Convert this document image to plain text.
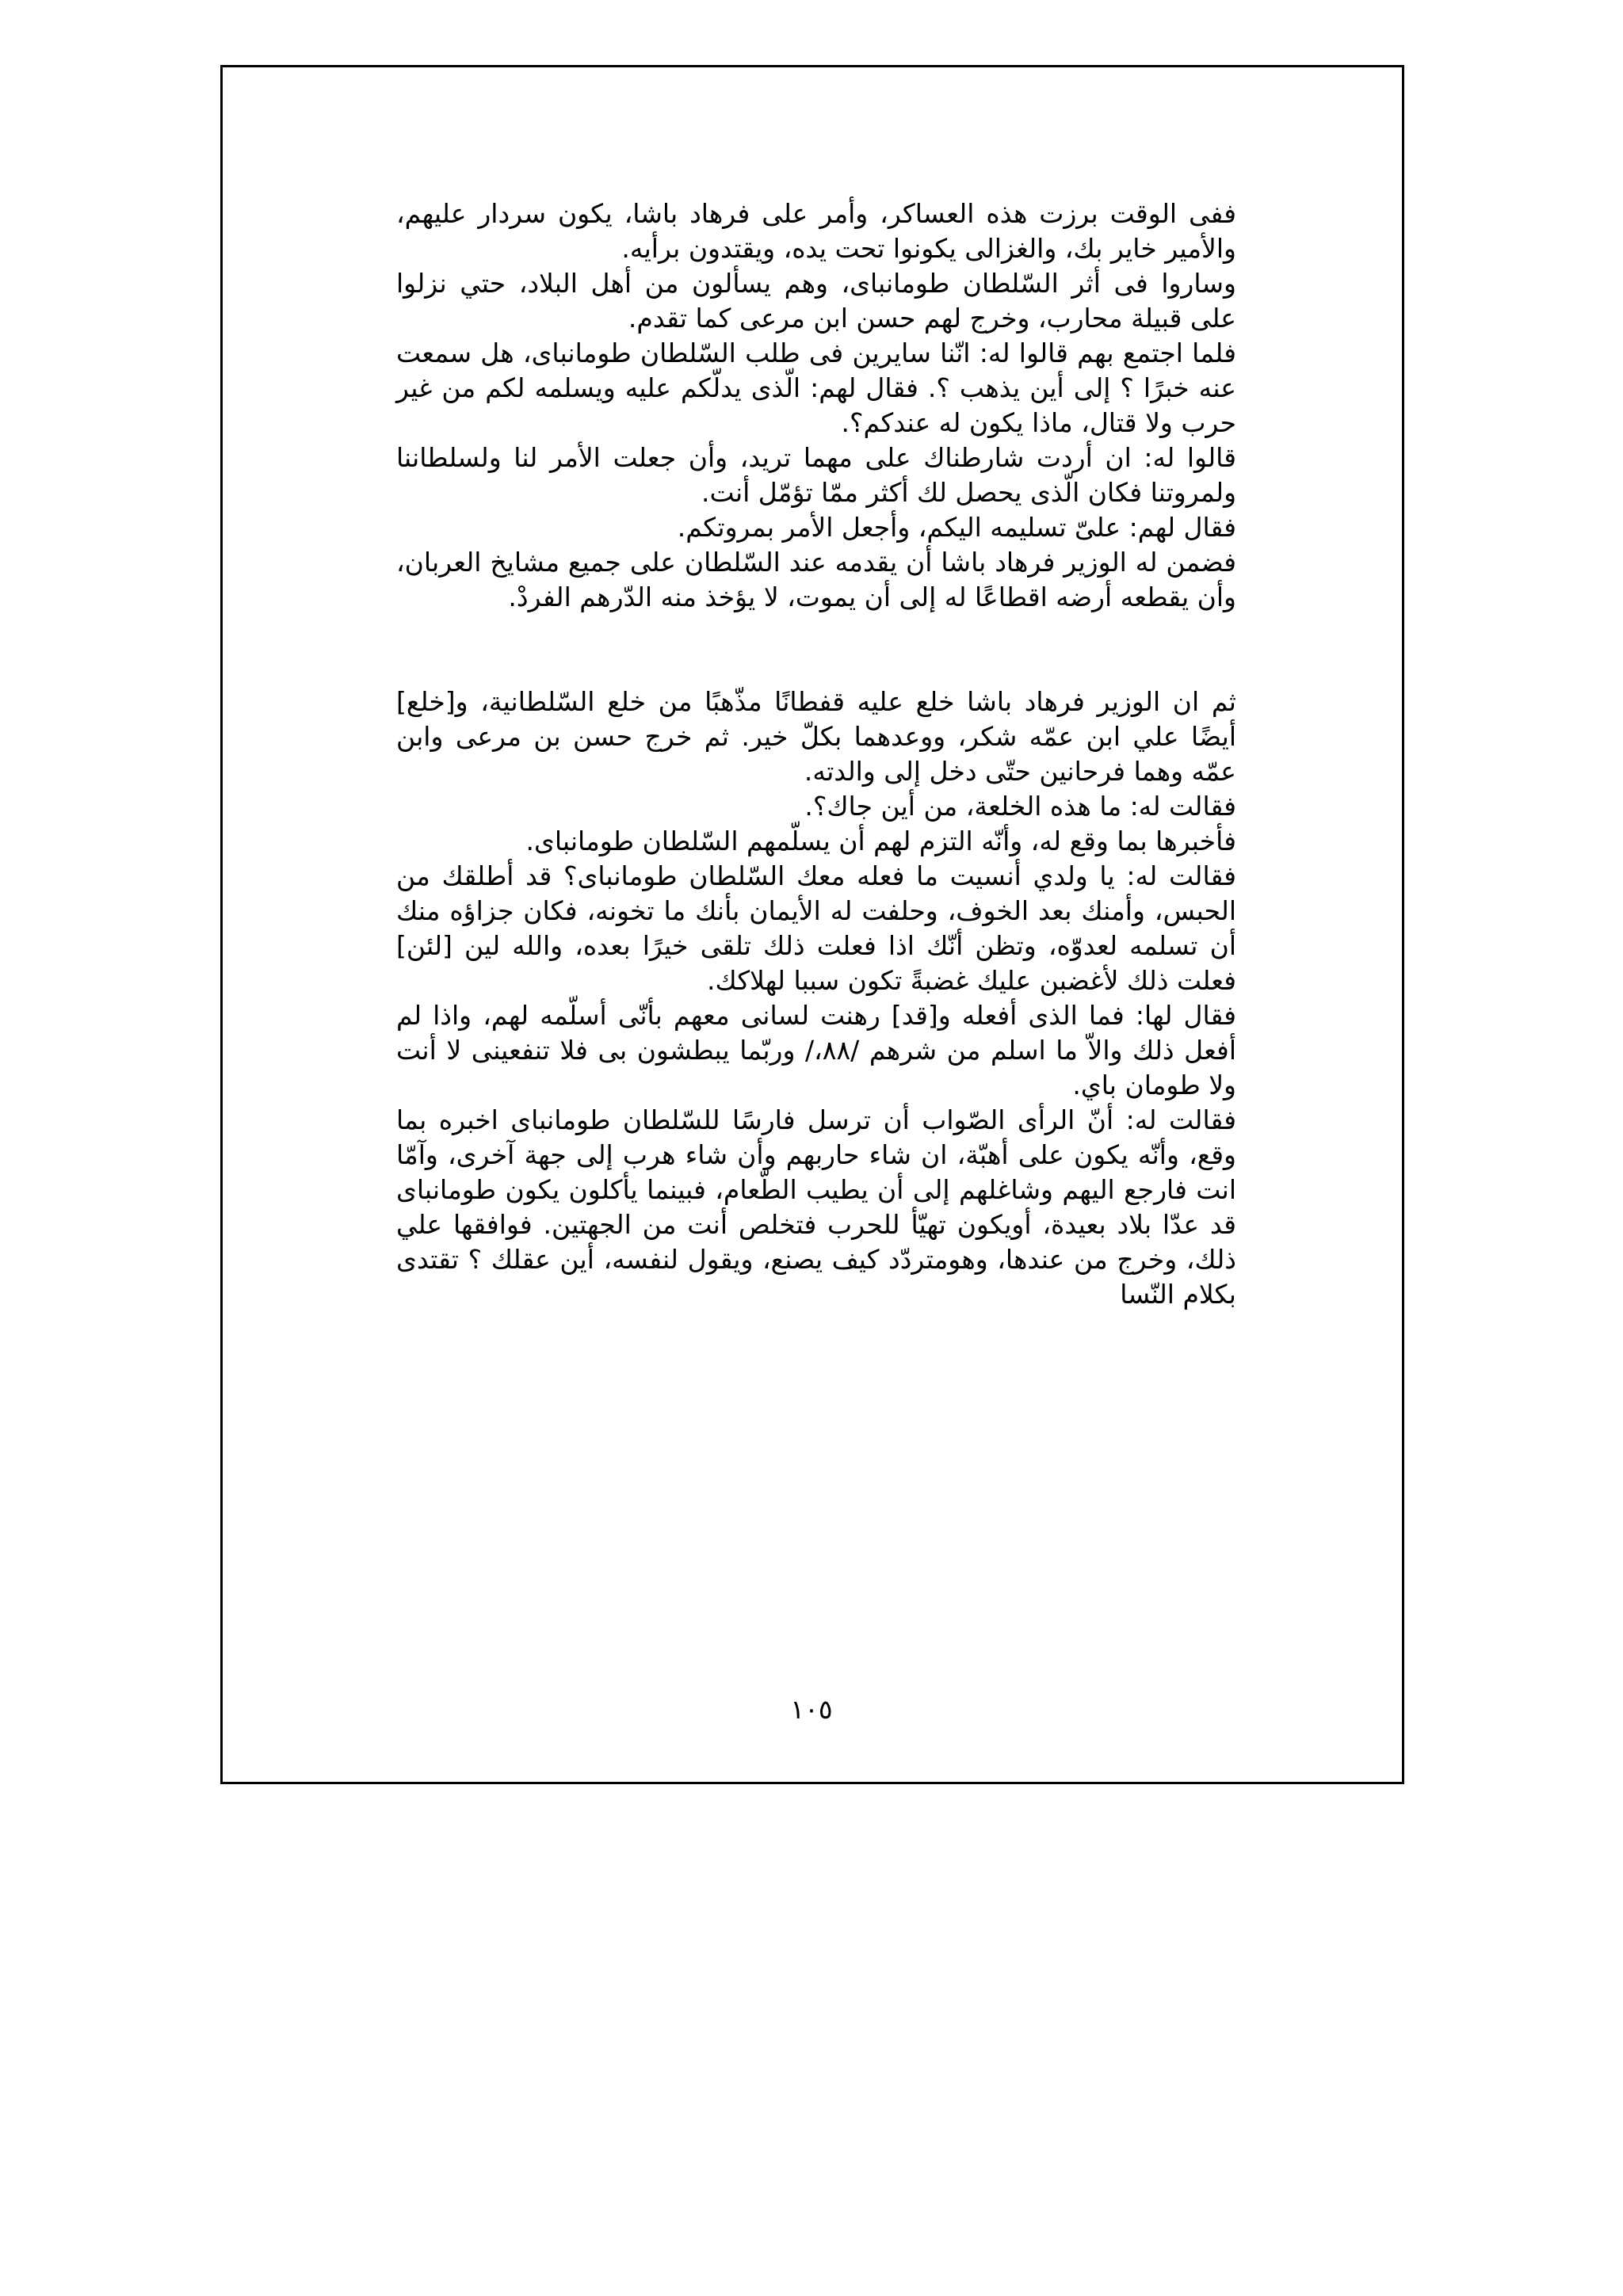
ففى الوقت برزت هذه العساكر، وأمر على فرهاد باشا، يكون سردار عليهم، والأمير خاير بك، والغزالى يكونوا تحت يده، ويقتدون برأيه.

وساروا فى أثر السّلطان طومانباى، وهم يسألون من أهل البلاد، حتي نزلوا على قبيلة محارب، وخرج لهم حسن ابن مرعى كما تقدم.

فلما اجتمع بهم قالوا له: انّنا سايرين فى طلب السّلطان طومانباى، هل سمعت عنه خبرًا ؟ إلى أين يذهب ؟. فقال لهم: الّذى يدلّكم عليه ويسلمه لكم من غير حرب ولا قتال، ماذا يكون له عندكم؟.

قالوا له: ان أردت شارطناك على مهما تريد، وأن جعلت الأمر لنا ولسلطاننا ولمروتنا فكان الّذى يحصل لك أكثر ممّا تؤمّل أنت.

فقال لهم: علىّ تسليمه اليكم، وأجعل الأمر بمروتكم.

فضمن له الوزير فرهاد باشا أن يقدمه عند السّلطان على جميع مشايخ العربان، وأن يقطعه أرضه اقطاعًا له إلى أن يموت، لا يؤخذ منه الدّرهم الفردْ.

ثم ان الوزير فرهاد باشا خلع عليه قفطانًا مذّهبًا من خلع السّلطانية، و[خلع] أيضًا علي ابن عمّه شكر، ووعدهما بكلّ خير. ثم خرج حسن بن مرعى وابن عمّه وهما فرحانين حتّى دخل إلى والدته.

فقالت له: ما هذه الخلعة، من أين جاك؟.

فأخبرها بما وقع له، وأنّه التزم لهم أن يسلّمهم السّلطان طومانباى.

فقالت له: يا ولدي أنسيت ما فعله معك السّلطان طومانباى؟ قد أطلقك من الحبس، وأمنك بعد الخوف، وحلفت له الأيمان بأنك ما تخونه، فكان جزاؤه منك أن تسلمه لعدوّه، وتظن أنّك اذا فعلت ذلك تلقى خيرًا بعده، والله لين [لئن] فعلت ذلك لأغضبن عليك غضبةً تكون سببا لهلاكك.

فقال لها: فما الذى أفعله و[قد] رهنت لسانى معهم بأنّى أسلّمه لهم، واذا لم أفعل ذلك والاّ ما اسلم من شرهم /٨٨،/ وربّما يبطشون بى فلا تنفعينى لا أنت ولا طومان باي.

فقالت له: أنّ الرأى الصّواب أن ترسل فارسًا للسّلطان طومانباى اخبره بما وقع، وأنّه يكون على أهبّة، ان شاء حاربهم وأن شاء هرب إلى جهة آخرى، وآمّا انت فارجع اليهم وشاغلهم إلى أن يطيب الطّعام، فبينما يأكلون يكون طومانباى قد عدّا بلاد بعيدة، أويكون تهيّأ للحرب فتخلص أنت من الجهتين. فوافقها علي ذلك، وخرج من عندها، وهومتردّد كيف يصنع، ويقول لنفسه، أين عقلك ؟ تقتدى بكلام النّسا

١٠٥
